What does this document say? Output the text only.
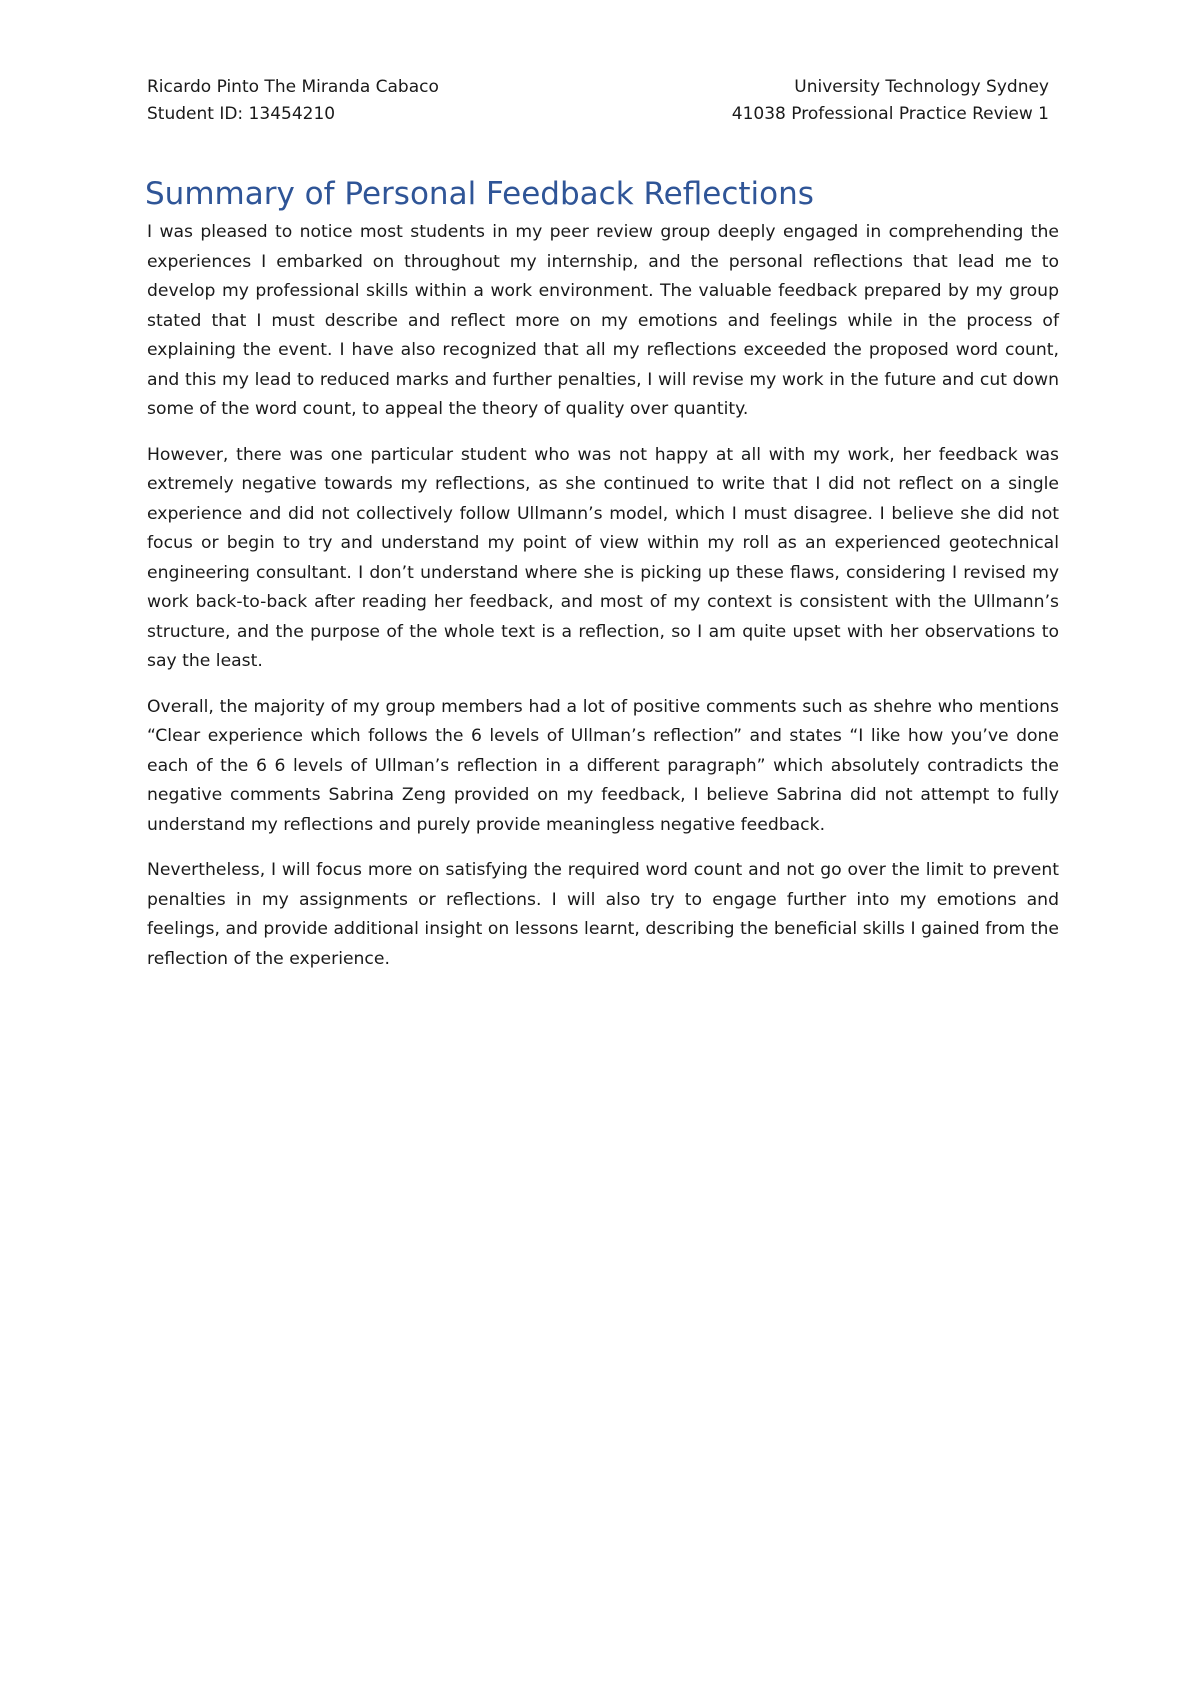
Ricardo Pinto The Miranda Cabaco
Student ID: 13454210
University Technology Sydney
41038 Professional Practice Review 1
Summary of Personal Feedback Reflections

I was pleased to notice most students in my peer review group deeply engaged in comprehending the experiences I embarked on throughout my internship, and the personal reflections that lead me to develop my professional skills within a work environment. The valuable feedback prepared by my group stated that I must describe and reflect more on my emotions and feelings while in the process of explaining the event. I have also recognized that all my reflections exceeded the proposed word count, and this my lead to reduced marks and further penalties, I will revise my work in the future and cut down some of the word count, to appeal the theory of quality over quantity.

However, there was one particular student who was not happy at all with my work, her feedback was extremely negative towards my reflections, as she continued to write that I did not reflect on a single experience and did not collectively follow Ullmann’s model, which I must disagree. I believe she did not focus or begin to try and understand my point of view within my roll as an experienced geotechnical engineering consultant. I don’t understand where she is picking up these flaws, considering I revised my work back-to-back after reading her feedback, and most of my context is consistent with the Ullmann’s structure, and the purpose of the whole text is a reflection, so I am quite upset with her observations to say the least.

Overall, the majority of my group members had a lot of positive comments such as shehre who mentions “Clear experience which follows the 6 levels of Ullman’s reflection” and states “I like how you’ve done each of the 6 6 levels of Ullman’s reflection in a different paragraph” which absolutely contradicts the negative comments Sabrina Zeng provided on my feedback, I believe Sabrina did not attempt to fully understand my reflections and purely provide meaningless negative feedback.

Nevertheless, I will focus more on satisfying the required word count and not go over the limit to prevent penalties in my assignments or reflections. I will also try to engage further into my emotions and feelings, and provide additional insight on lessons learnt, describing the beneficial skills I gained from the reflection of the experience.
